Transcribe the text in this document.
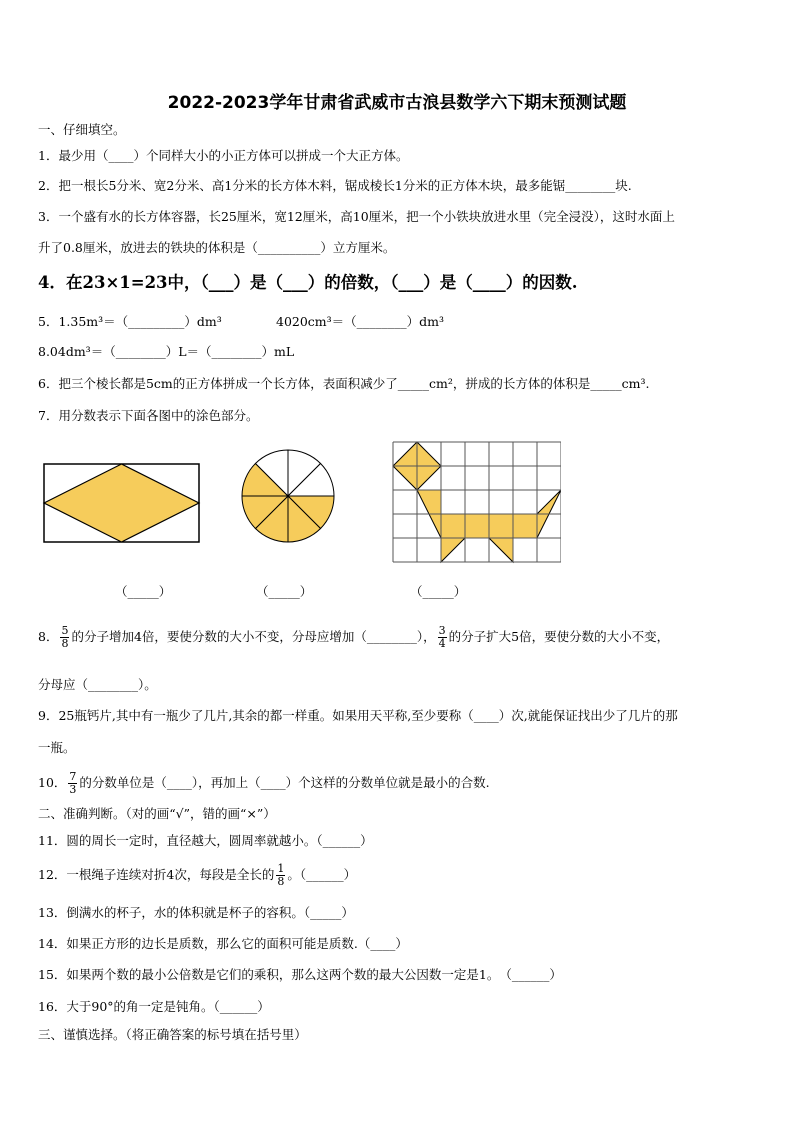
2022-2023学年甘肃省武威市古浪县数学六下期末预测试题
一、仔细填空。
1．最少用（____）个同样大小的小正方体可以拼成一个大正方体。
2．把一根长5分米、宽2分米、高1分米的长方体木料，锯成棱长1分米的正方体木块，最多能锯________块.
3．一个盛有水的长方体容器，长25厘米，宽12厘米，高10厘米，把一个小铁块放进水里（完全浸没），这时水面上
升了0.8厘米，放进去的铁块的体积是（__________）立方厘米。
4．在23×1=23中，（___）是（___）的倍数，（___）是（____）的因数.
5．1.35m³＝（_________）dm³	4020cm³＝（________）dm³
8.04dm³＝（________）L＝（________）mL
6．把三个棱长都是5cm的正方体拼成一个长方体，表面积减少了_____cm²，拼成的长方体的体积是_____cm³.
7．用分数表示下面各图中的涂色部分。
（_____）	（_____）	（_____）
8． $\frac{5}{8}$ 的分子增加4倍，要使分数的大小不变，分母应增加（________）， $\frac{3}{4}$ 的分子扩大5倍，要使分数的大小不变，
分母应（________）。
9．25瓶钙片,其中有一瓶少了几片,其余的都一样重。如果用天平称,至少要称（____）次,就能保证找出少了几片的那
一瓶。
10． $\frac{7}{3}$ 的分数单位是（____），再加上（____）个这样的分数单位就是最小的合数.
二、准确判断。（对的画“√”，错的画“×”）
11．圆的周长一定时，直径越大，圆周率就越小。（______）
12．一根绳子连续对折4次，每段是全长的 $\frac{1}{8}$ 。（______）
13．倒满水的杯子，水的体积就是杯子的容积。（_____）
14．如果正方形的边长是质数，那么它的面积可能是质数.（____）
15．如果两个数的最小公倍数是它们的乘积，那么这两个数的最大公因数一定是1。　（______）
16．大于90°的角一定是钝角。（______）
三、谨慎选择。（将正确答案的标号填在括号里）
